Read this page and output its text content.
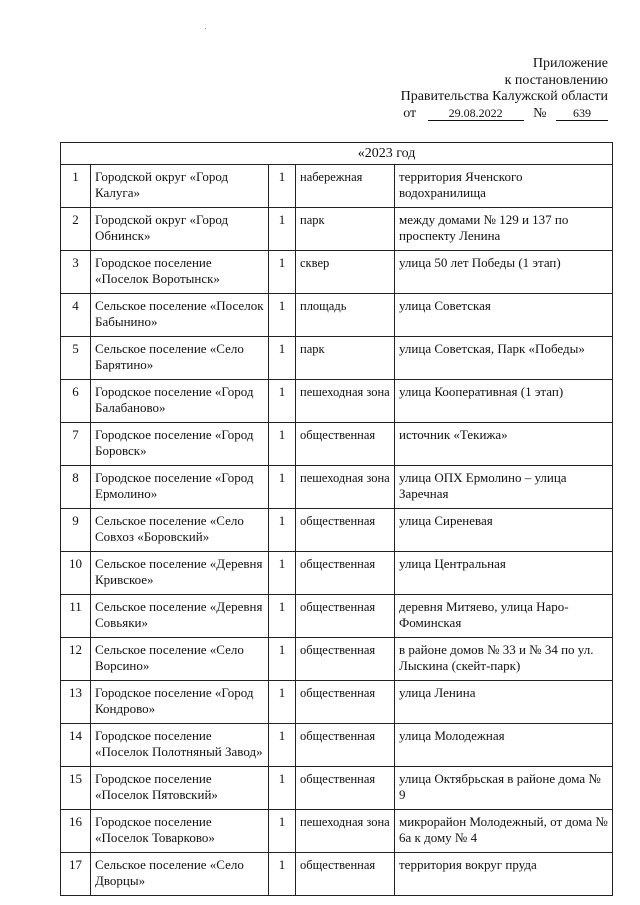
Приложение
к постановлению
Правительства Калужской области
от	29.08.2022 № 639
«2023 год				
1	Городской округ «Город Калуга»	1	набережная	территория Яченского водохранилища
2	Городской округ «Город Обнинск»	1	парк	между домами № 129 и 137 по проспекту Ленина
3	Городское поселение «Поселок Воротынск»	1	сквер	улица 50 лет Победы (1 этап)
4	Сельское поселение «Поселок Бабынино»	1	площадь	улица Советская
5	Сельское поселение «Село Барятино»	1	парк	улица Советская, Парк «Победы»
6	Городское поселение «Город Балабаново»	1	пешеходная зона	улица Кооперативная (1 этап)
7	Городское поселение «Город Боровск»	1	общественная	источник «Текижа»
8	Городское поселение «Город Ермолино»	1	пешеходная зона	улица ОПХ Ермолино – улица Заречная
9	Сельское поселение «Село Совхоз «Боровский»	1	общественная	улица Сиреневая
10	Сельское поселение «Деревня Кривское»	1	общественная	улица Центральная
11	Сельское поселение «Деревня Совьяки»	1	общественная	деревня Митяево, улица Наро-Фоминская
12	Сельское поселение «Село Ворсино»	1	общественная	в районе домов № 33 и № 34 по ул. Лыскина (скейт-парк)
13	Городское поселение «Город Кондрово»	1	общественная	улица Ленина
14	Городское поселение «Поселок Полотняный Завод»	1	общественная	улица Молодежная
15	Городское поселение «Поселок Пятовский»	1	общественная	улица Октябрьская в районе дома № 9
16	Городское поселение «Поселок Товарково»	1	пешеходная зона	микрорайон Молодежный, от дома № 6а к дому № 4
17	Сельское поселение «Село Дворцы»	1	общественная	территория вокруг пруда
